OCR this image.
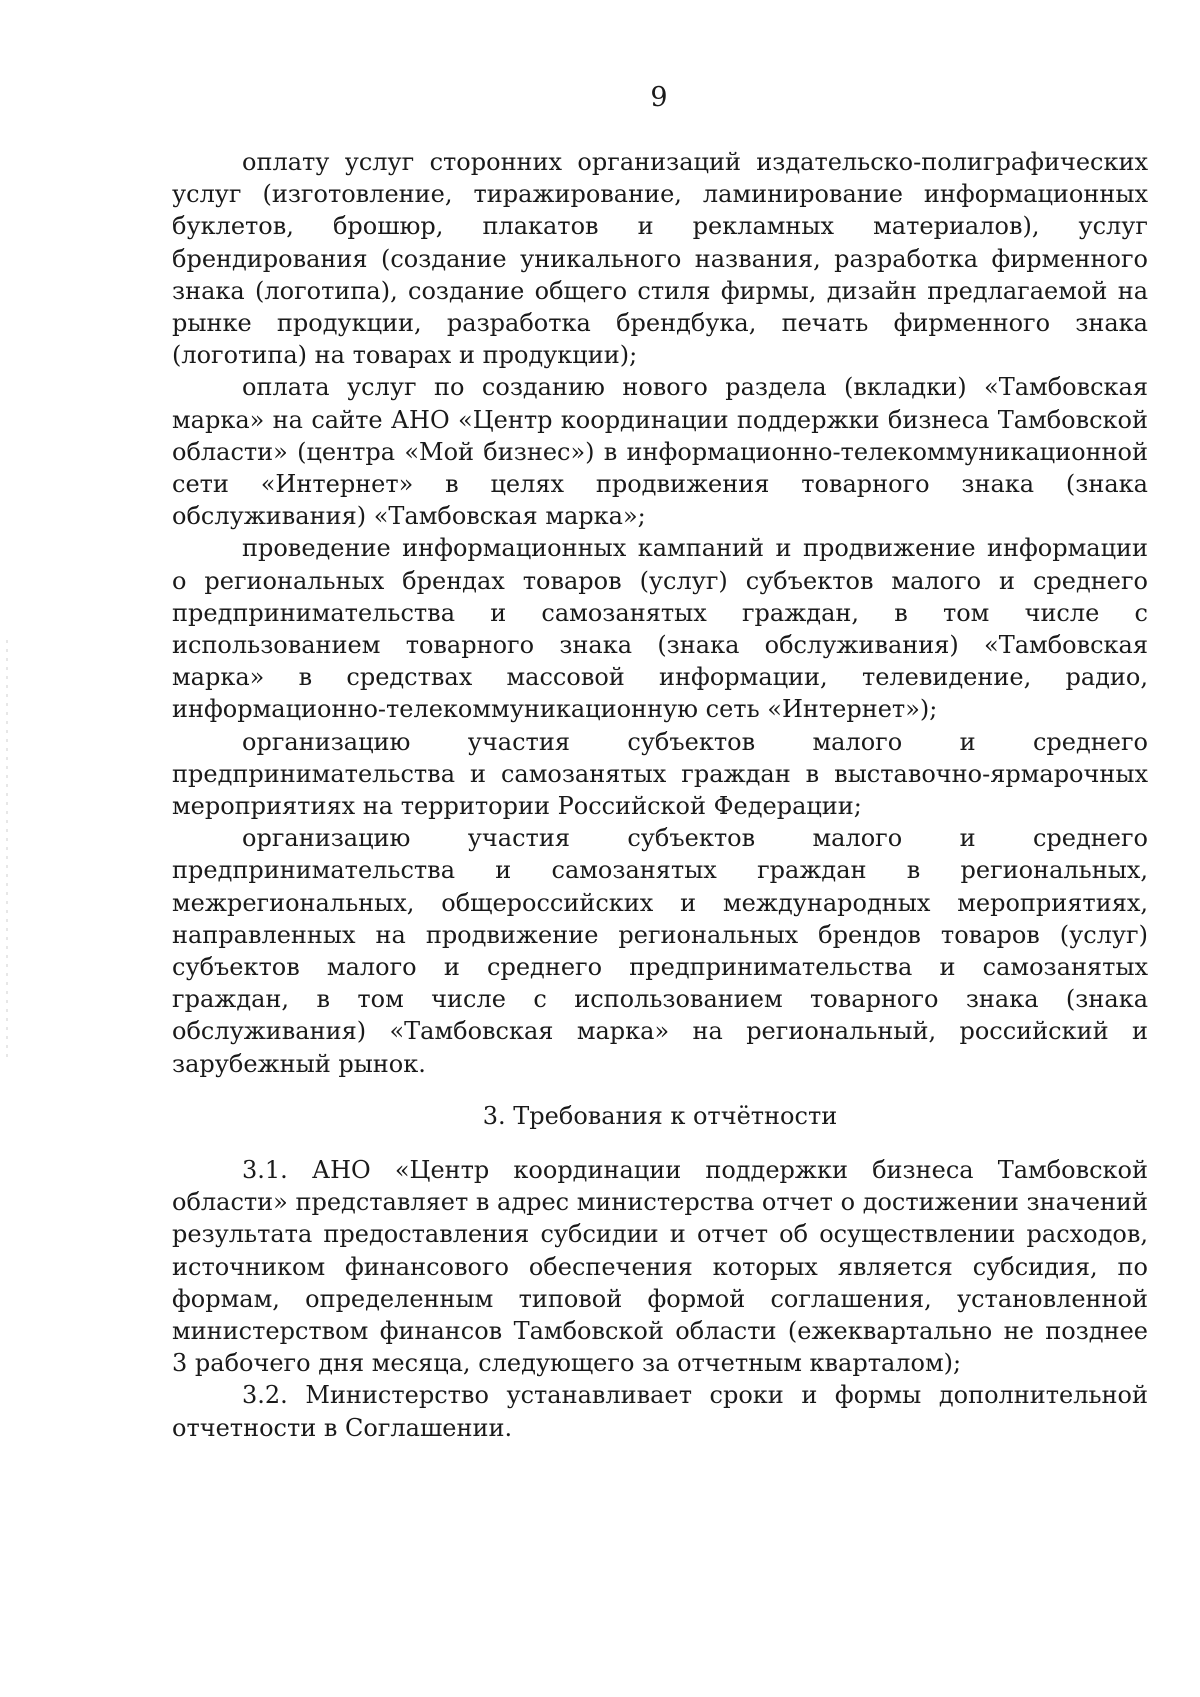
9

оплату услуг сторонних организаций издательско-полиграфических услуг (изготовление, тиражирование, ламинирование информационных буклетов, брошюр, плакатов и рекламных материалов), услуг брендирования (создание уникального названия, разработка фирменного знака (логотипа), создание общего стиля фирмы, дизайн предлагаемой на рынке продукции, разработка брендбука, печать фирменного знака (логотипа) на товарах и продукции);

оплата услуг по созданию нового раздела (вкладки) «Тамбовская марка» на сайте АНО «Центр координации поддержки бизнеса Тамбовской области» (центра «Мой бизнес») в информационно-телекоммуникационной сети «Интернет» в целях продвижения товарного знака (знака обслуживания) «Тамбовская марка»;

проведение информационных кампаний и продвижение информации о региональных брендах товаров (услуг) субъектов малого и среднего предпринимательства и самозанятых граждан, в том числе с использованием товарного знака (знака обслуживания) «Тамбовская марка» в средствах массовой информации, телевидение, радио, информационно-телекоммуникационную сеть «Интернет»);

организацию участия субъектов малого и среднего предпринимательства и самозанятых граждан в выставочно-ярмарочных мероприятиях на территории Российской Федерации;

организацию участия субъектов малого и среднего предпринимательства и самозанятых граждан в региональных, межрегиональных, общероссийских и международных мероприятиях, направленных на продвижение региональных брендов товаров (услуг) субъектов малого и среднего предпринимательства и самозанятых граждан, в том числе с использованием товарного знака (знака обслуживания) «Тамбовская марка» на региональный, российский и зарубежный рынок.

3. Требования к отчётности

3.1. АНО «Центр координации поддержки бизнеса Тамбовской области» представляет в адрес министерства отчет о достижении значений результата предоставления субсидии и отчет об осуществлении расходов, источником финансового обеспечения которых является субсидия, по формам, определенным типовой формой соглашения, установленной министерством финансов Тамбовской области (ежеквартально не позднее 3 рабочего дня месяца, следующего за отчетным кварталом);

3.2. Министерство устанавливает сроки и формы дополнительной отчетности в Соглашении.
